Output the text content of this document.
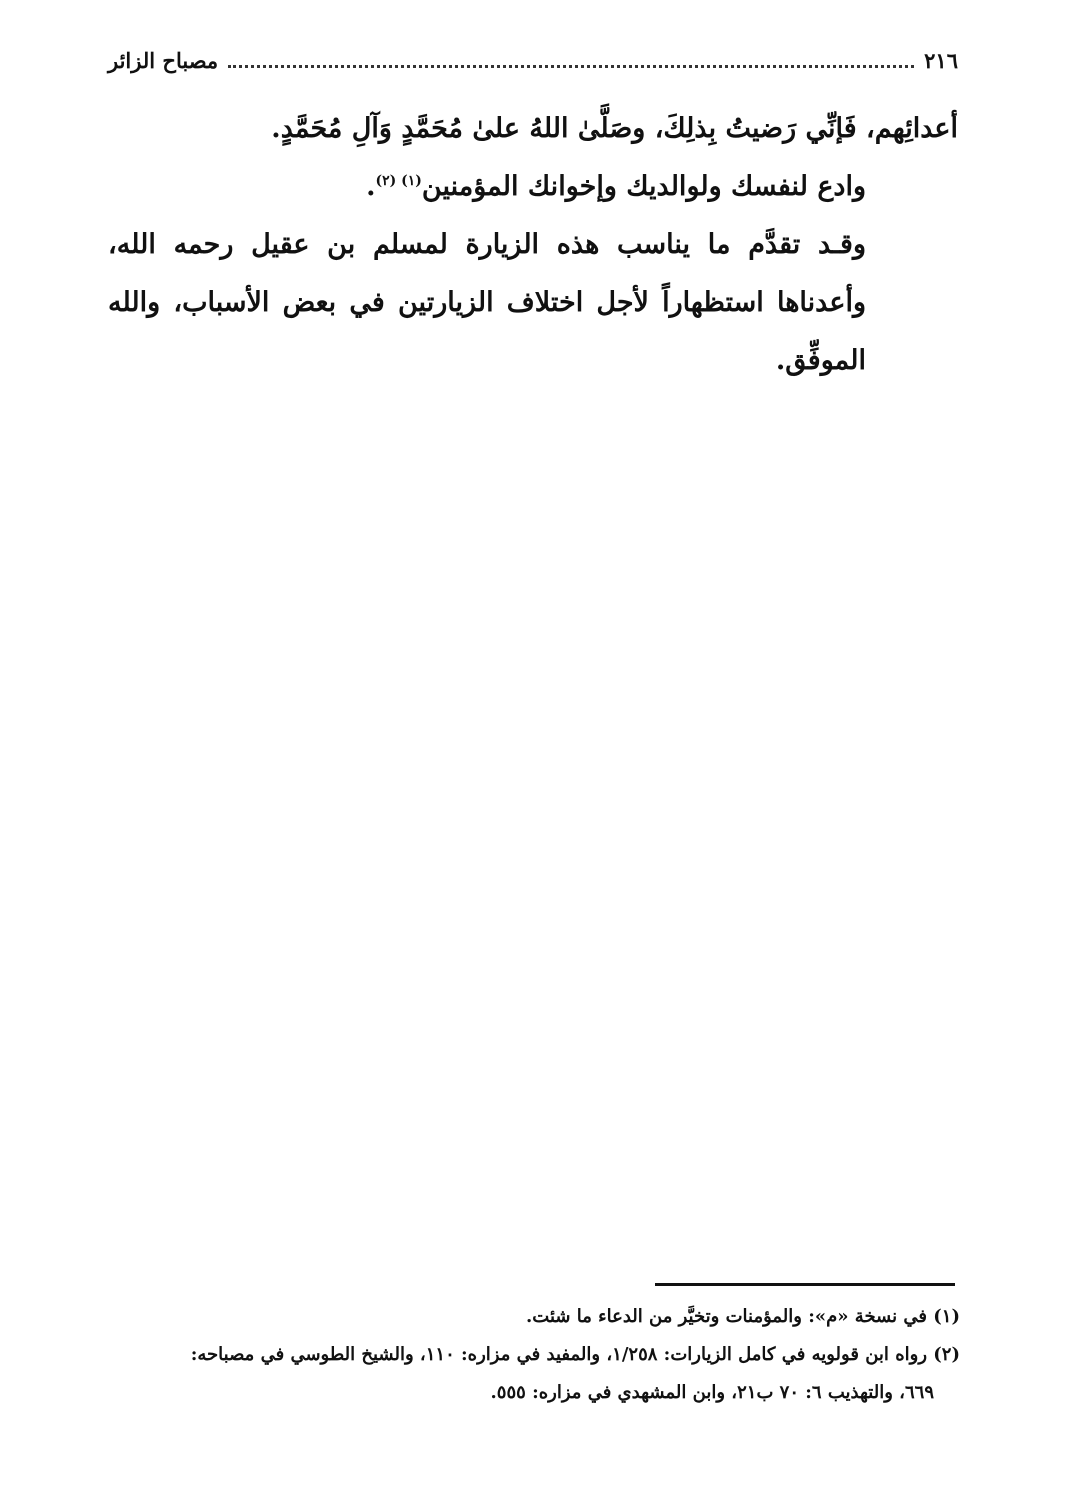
٢١٦
مصباح الزائر

أعدائِهم، فَإنِّي رَضيتُ بِذلِكَ، وصَلَّىٰ اللهُ علىٰ مُحَمَّدٍ وَآلِ مُحَمَّدٍ.

وادع لنفسك ولوالديك وإخوانك المؤمنين$^{(١) (٢)}$.

وقـد تقدَّم ما يناسب هذه الزيارة لمسلم بن عقيل رحمه الله، وأعدناها استظهاراً لأجل اختلاف الزيارتين في بعض الأسباب، والله الموفِّق.

(١) في نسخة «م»: والمؤمنات وتخيَّر من الدعاء ما شئت.

(٢) رواه ابن قولويه في كامل الزيارات: ١/٢٥٨، والمفيد في مزاره: ١١٠، والشيخ الطوسي في مصباحه:

٦٦٩، والتهذيب ٦: ٧٠ ب٢١، وابن المشهدي في مزاره: ٥٥٥.
